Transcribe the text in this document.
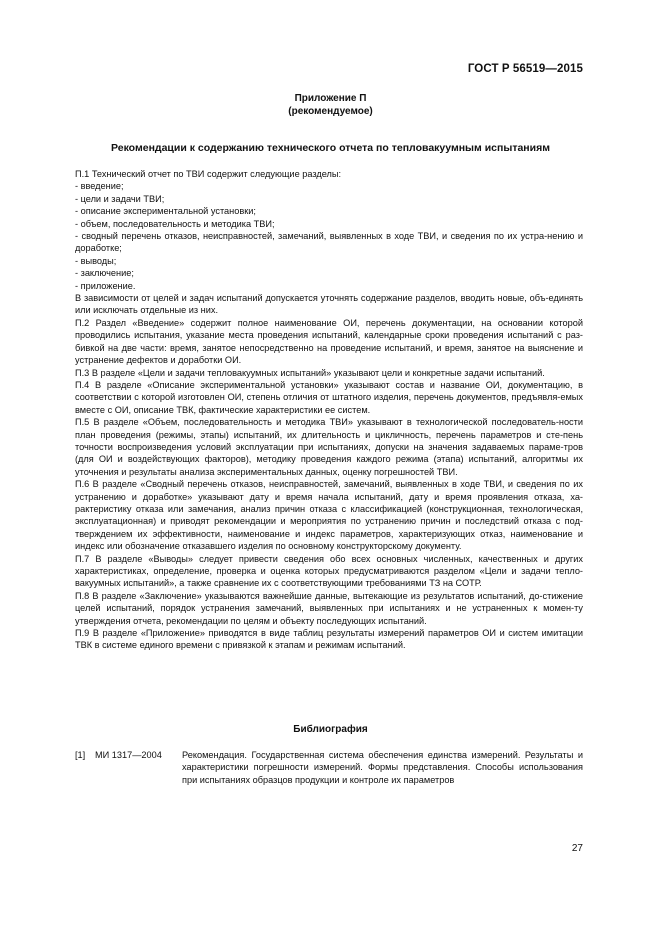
ГОСТ Р 56519—2015
Приложение П
(рекомендуемое)
Рекомендации к содержанию технического отчета по тепловакуумным испытаниям

П.1 Технический отчет по ТВИ содержит следующие разделы:

- введение;

- цели и задачи ТВИ;

- описание экспериментальной установки;

- объем, последовательность и методика ТВИ;

- сводный перечень отказов, неисправностей, замечаний, выявленных в ходе ТВИ, и сведения по их устра-нению и доработке;

- выводы;

- заключение;

- приложение.

В зависимости от целей и задач испытаний допускается уточнять содержание разделов, вводить новые, объ-единять или исключать отдельные из них.

П.2 Раздел «Введение» содержит полное наименование ОИ, перечень документации, на основании которой проводились испытания, указание места проведения испытаний, календарные сроки проведения испытаний с раз-бивкой на две части: время, занятое непосредственно на проведение испытаний, и время, занятое на выяснение и устранение дефектов и доработки ОИ.

П.3 В разделе «Цели и задачи тепловакуумных испытаний» указывают цели и конкретные задачи испытаний.

П.4 В разделе «Описание экспериментальной установки» указывают состав и название ОИ, документацию, в соответствии с которой изготовлен ОИ, степень отличия от штатного изделия, перечень документов, предъявля-емых вместе с ОИ, описание ТВК, фактические характеристики ее систем.

П.5 В разделе «Объем, последовательность и методика ТВИ» указывают в технологической последователь-ности план проведения (режимы, этапы) испытаний, их длительность и цикличность, перечень параметров и сте-пень точности воспроизведения условий эксплуатации при испытаниях, допуски на значения задаваемых параме-тров (для ОИ и воздействующих факторов), методику проведения каждого режима (этапа) испытаний, алгоритмы их уточнения и результаты анализа экспериментальных данных, оценку погрешностей ТВИ.

П.6 В разделе «Сводный перечень отказов, неисправностей, замечаний, выявленных в ходе ТВИ, и сведения по их устранению и доработке» указывают дату и время начала испытаний, дату и время проявления отказа, ха-рактеристику отказа или замечания, анализ причин отказа с классификацией (конструкционная, технологическая, эксплуатационная) и приводят рекомендации и мероприятия по устранению причин и последствий отказа с под-тверждением их эффективности, наименование и индекс параметров, характеризующих отказ, наименование и индекс или обозначение отказавшего изделия по основному конструкторскому документу.

П.7 В разделе «Выводы» следует привести сведения обо всех основных численных, качественных и других характеристиках, определение, проверка и оценка которых предусматриваются разделом «Цели и задачи тепло-вакуумных испытаний», а также сравнение их с соответствующими требованиями ТЗ на СОТР.

П.8 В разделе «Заключение» указываются важнейшие данные, вытекающие из результатов испытаний, до-стижение целей испытаний, порядок устранения замечаний, выявленных при испытаниях и не устраненных к момен-ту утверждения отчета, рекомендации по целям и объекту последующих испытаний.

П.9 В разделе «Приложение» приводятся в виде таблиц результаты измерений параметров ОИ и систем имитации ТВК в системе единого времени с привязкой к этапам и режимам испытаний.

Библиография
[1] МИ 1317—2004 Рекомендация. Государственная система обеспечения единства измерений. Результаты и характеристики погрешности измерений. Формы представления. Способы использования при испытаниях образцов продукции и контроле их параметров
27
